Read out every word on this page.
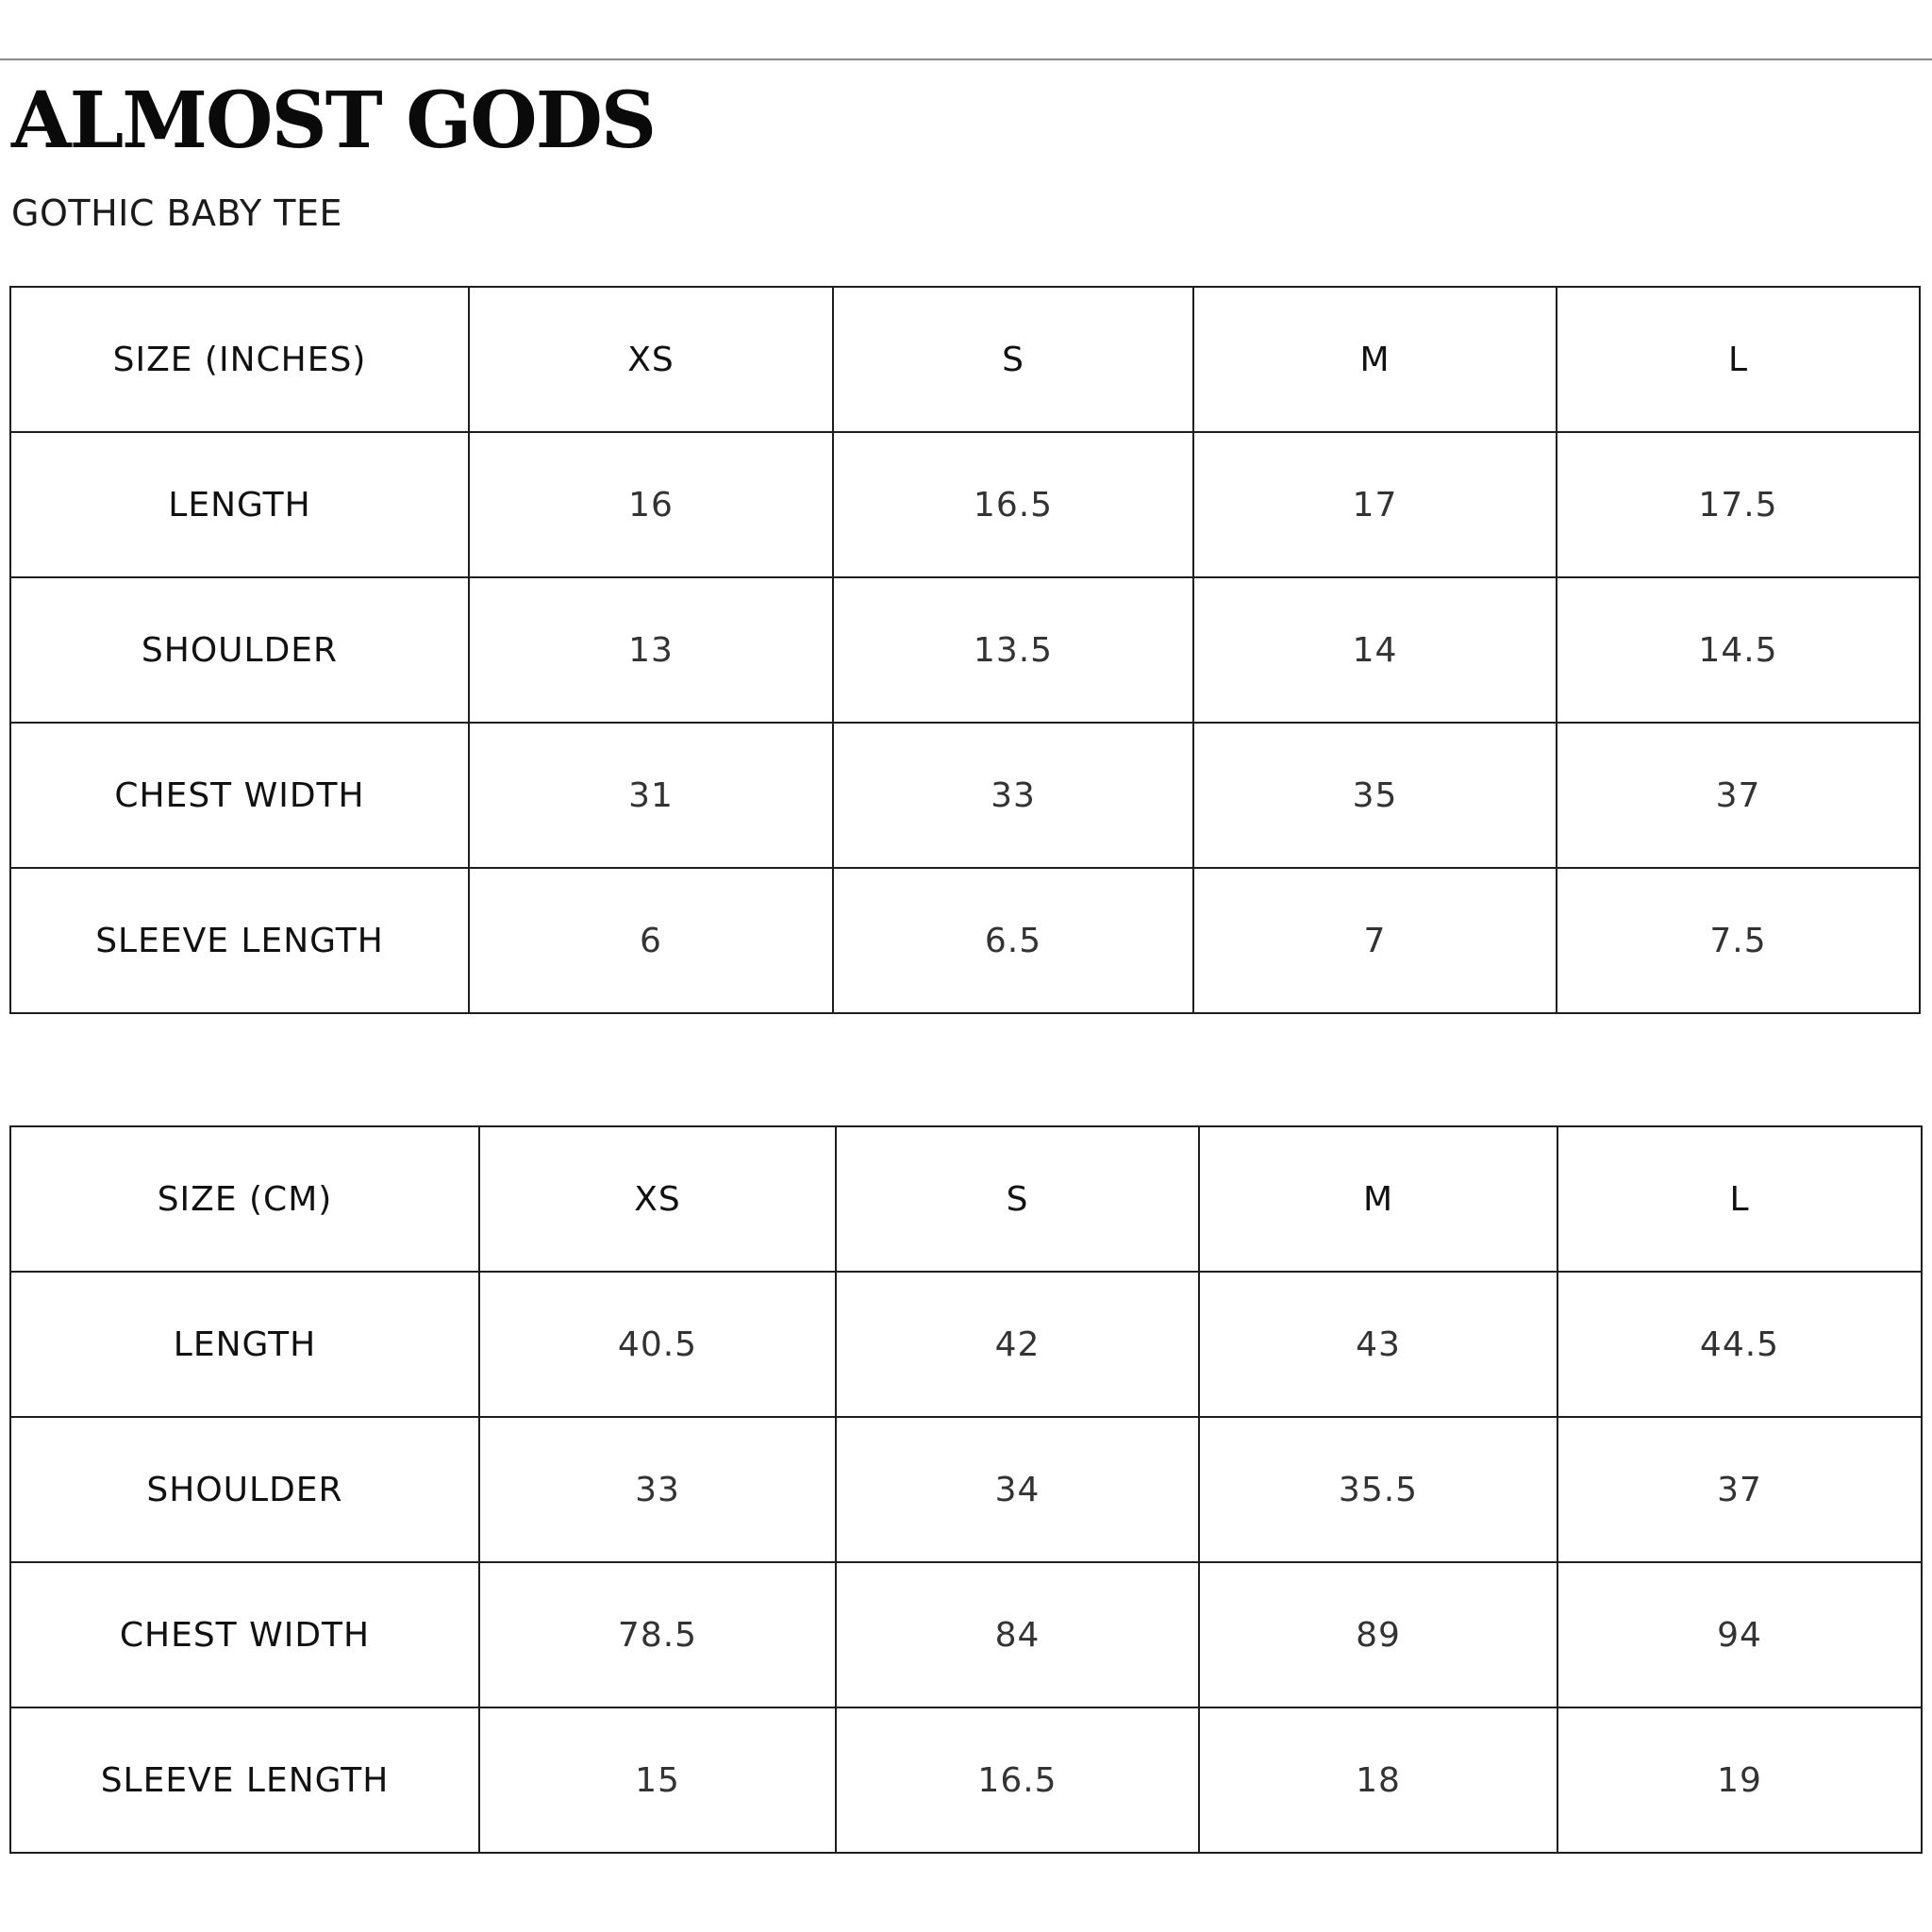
ALMOST GODS

GOTHIC BABY TEE

SIZE (INCHES)	XS	S	M	L
LENGTH	16	16.5	17	17.5
SHOULDER	13	13.5	14	14.5
CHEST WIDTH	31	33	35	37
SLEEVE LENGTH	6	6.5	7	7.5
SIZE (CM)	XS	S	M	L
LENGTH	40.5	42	43	44.5
SHOULDER	33	34	35.5	37
CHEST WIDTH	78.5	84	89	94
SLEEVE LENGTH	15	16.5	18	19
